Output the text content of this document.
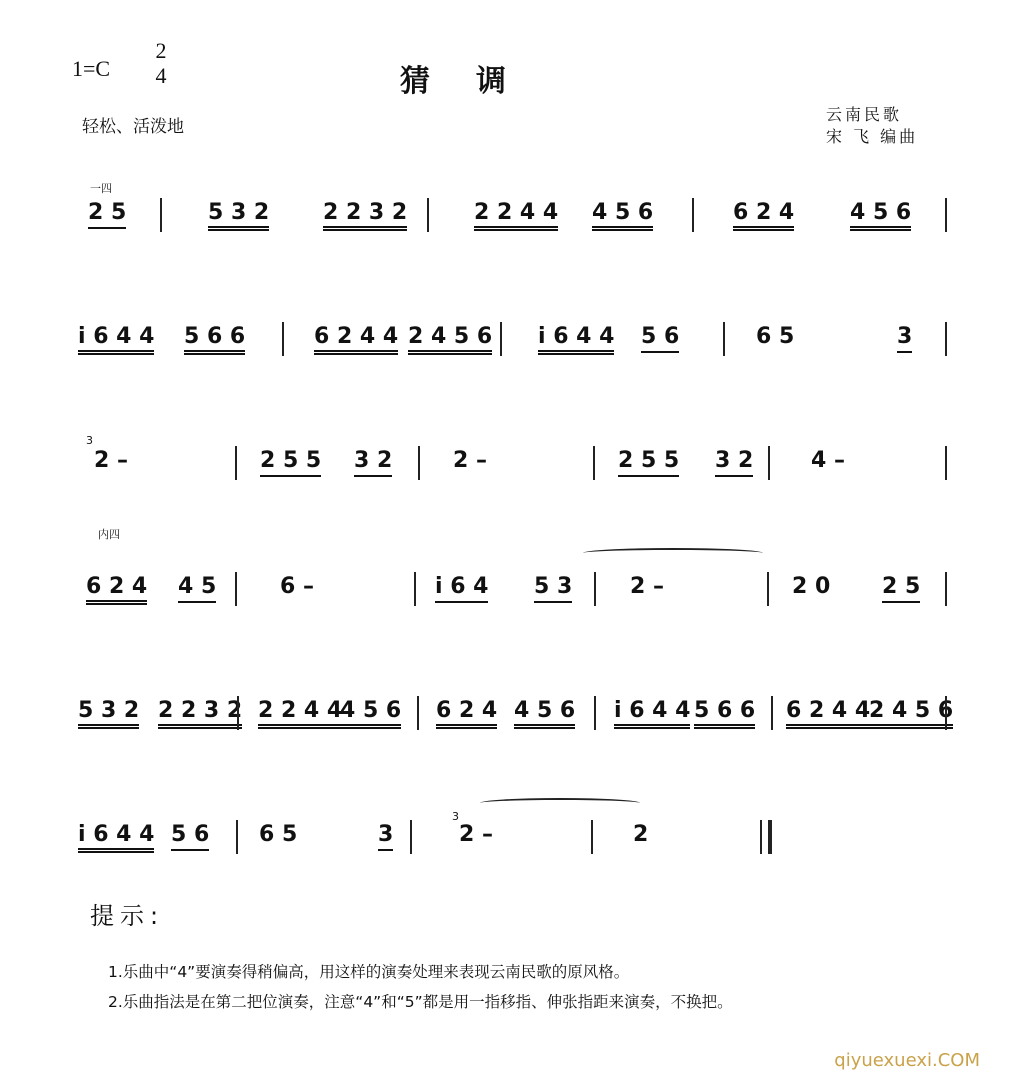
1=C
2
4	猜调
轻松、活泼地
云南民歌
宋 飞 编曲
2 5	5 3 2 2 2 3 2	2 2 4 4 4 5 6	6 2 4	4 5 6
i 6 4 4 5 6 6	6 2 4 4 2 4 5 6 i 6 4 4 5 6	6 5	3
2 –	2 5 5 3 2	2 –	2 5 5 3 2	4 –
6 2 4 4 5	6 –	i 6 4 5 3	2 –	2 0 2 5
5 3 2 2 2 3 2 2 2 4 4
4 5 6 6 2 4 4 5 6 i 6 4 4 5 6 6 6 2 4 4
2 4 5 6
i 6 4 4 5 6 6 5	3	2 –	2
提示:
1.乐曲中“4”要演奏得稍偏高，用这样的演奏处理来表现云南民歌的原风格。
2.乐曲指法是在第二把位演奏，注意“4”和“5”都是用一指移指、伸张指距来演奏，不换把。
qiyuexuexi.COM
一四
内四
3
3
